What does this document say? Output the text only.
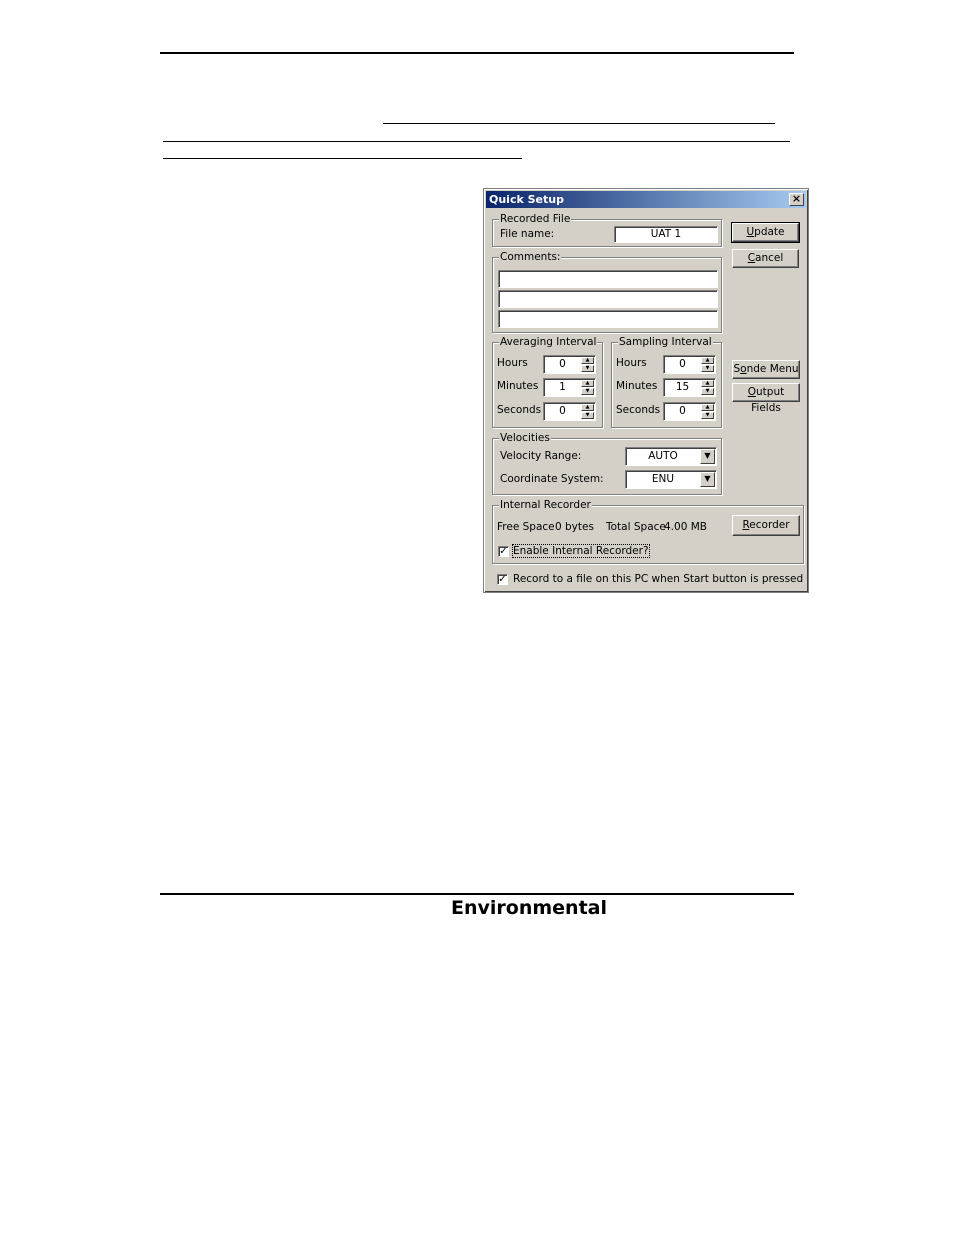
Environmental
Quick Setup	×
Recorded File
File name:	UAT 1
Comments:
Averaging Interval
Hours	0	▲
▼
Minutes	1	▲
▼
Seconds	0	▲
▼
Sampling Interval
Hours	0	▲
▼
Minutes	15	▲
▼
Seconds	0	▲
▼
Velocities
Velocity Range:	AUTO	▼
Coordinate System:	ENU	▼
Internal Recorder
Free Space 0 bytes Total Space
4.00 MB	Recorder
✓ Enable Internal Recorder?
✓ Record to a file on this PC when Start button is pressed
Update
Cancel
Sonde Menu
Output Fields
